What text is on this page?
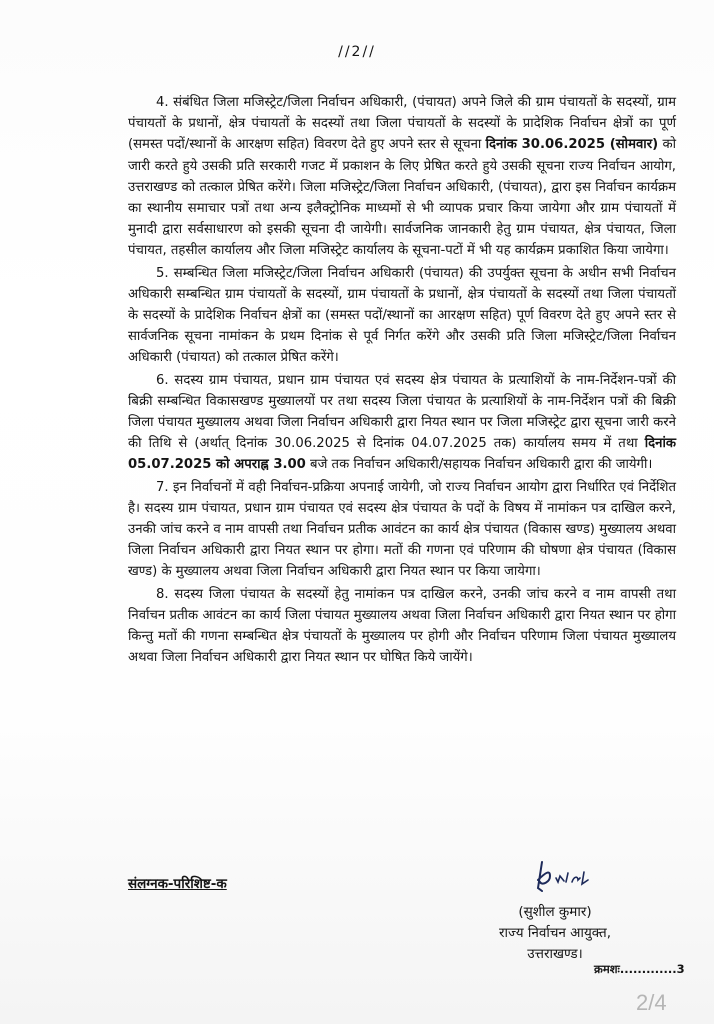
//2//

4. संबंधित जिला मजिस्ट्रेट/जिला निर्वाचन अधिकारी, (पंचायत) अपने जिले की ग्राम पंचायतों के सदस्यों, ग्राम पंचायतों के प्रधानों, क्षेत्र पंचायतों के सदस्यों तथा जिला पंचायतों के सदस्यों के प्रादेशिक निर्वाचन क्षेत्रों का पूर्ण (समस्त पदों/स्थानों के आरक्षण सहित) विवरण देते हुए अपने स्तर से सूचना दिनांक 30.06.2025 (सोमवार) को जारी करते हुये उसकी प्रति सरकारी गजट में प्रकाशन के लिए प्रेषित करते हुये उसकी सूचना राज्य निर्वाचन आयोग, उत्तराखण्ड को तत्काल प्रेषित करेंगे। जिला मजिस्ट्रेट/जिला निर्वाचन अधिकारी, (पंचायत), द्वारा इस निर्वाचन कार्यक्रम का स्थानीय समाचार पत्रों तथा अन्य इलैक्ट्रोनिक माध्यमों से भी व्यापक प्रचार किया जायेगा और ग्राम पंचायतों में मुनादी द्वारा सर्वसाधारण को इसकी सूचना दी जायेगी। सार्वजनिक जानकारी हेतु ग्राम पंचायत, क्षेत्र पंचायत, जिला पंचायत, तहसील कार्यालय और जिला मजिस्ट्रेट कार्यालय के सूचना-पटों में भी यह कार्यक्रम प्रकाशित किया जायेगा।

5. सम्बन्धित जिला मजिस्ट्रेट/जिला निर्वाचन अधिकारी (पंचायत) की उपर्युक्त सूचना के अधीन सभी निर्वाचन अधिकारी सम्बन्धित ग्राम पंचायतों के सदस्यों, ग्राम पंचायतों के प्रधानों, क्षेत्र पंचायतों के सदस्यों तथा जिला पंचायतों के सदस्यों के प्रादेशिक निर्वाचन क्षेत्रों का (समस्त पदों/स्थानों का आरक्षण सहित) पूर्ण विवरण देते हुए अपने स्तर से सार्वजनिक सूचना नामांकन के प्रथम दिनांक से पूर्व निर्गत करेंगे और उसकी प्रति जिला मजिस्ट्रेट/जिला निर्वाचन अधिकारी (पंचायत) को तत्काल प्रेषित करेंगे।

6. सदस्य ग्राम पंचायत, प्रधान ग्राम पंचायत एवं सदस्य क्षेत्र पंचायत के प्रत्याशियों के नाम-निर्देशन-पत्रों की बिक्री सम्बन्धित विकासखण्ड मुख्यालयों पर तथा सदस्य जिला पंचायत के प्रत्याशियों के नाम-निर्देशन पत्रों की बिक्री जिला पंचायत मुख्यालय अथवा जिला निर्वाचन अधिकारी द्वारा नियत स्थान पर जिला मजिस्ट्रेट द्वारा सूचना जारी करने की तिथि से (अर्थात् दिनांक 30.06.2025 से दिनांक 04.07.2025 तक) कार्यालय समय में तथा दिनांक 05.07.2025 को अपराह्न 3.00 बजे तक निर्वाचन अधिकारी/सहायक निर्वाचन अधिकारी द्वारा की जायेगी।

7. इन निर्वाचनों में वही निर्वाचन-प्रक्रिया अपनाई जायेगी, जो राज्य निर्वाचन आयोग द्वारा निर्धारित एवं निर्देशित है। सदस्य ग्राम पंचायत, प्रधान ग्राम पंचायत एवं सदस्य क्षेत्र पंचायत के पदों के विषय में नामांकन पत्र दाखिल करने, उनकी जांच करने व नाम वापसी तथा निर्वाचन प्रतीक आवंटन का कार्य क्षेत्र पंचायत (विकास खण्ड) मुख्यालय अथवा जिला निर्वाचन अधिकारी द्वारा नियत स्थान पर होगा। मतों की गणना एवं परिणाम की घोषणा क्षेत्र पंचायत (विकास खण्ड) के मुख्यालय अथवा जिला निर्वाचन अधिकारी द्वारा नियत स्थान पर किया जायेगा।

8. सदस्य जिला पंचायत के सदस्यों हेतु नामांकन पत्र दाखिल करने, उनकी जांच करने व नाम वापसी तथा निर्वाचन प्रतीक आवंटन का कार्य जिला पंचायत मुख्यालय अथवा जिला निर्वाचन अधिकारी द्वारा नियत स्थान पर होगा किन्तु मतों की गणना सम्बन्धित क्षेत्र पंचायतों के मुख्यालय पर होगी और निर्वाचन परिणाम जिला पंचायत मुख्यालय अथवा जिला निर्वाचन अधिकारी द्वारा नियत स्थान पर घोषित किये जायेंगे।

संलग्नक-परिशिष्ट-क
(सुशील कुमार)
राज्य निर्वाचन आयुक्त,
उत्तराखण्ड।
क्रमशः.............3
2/4
